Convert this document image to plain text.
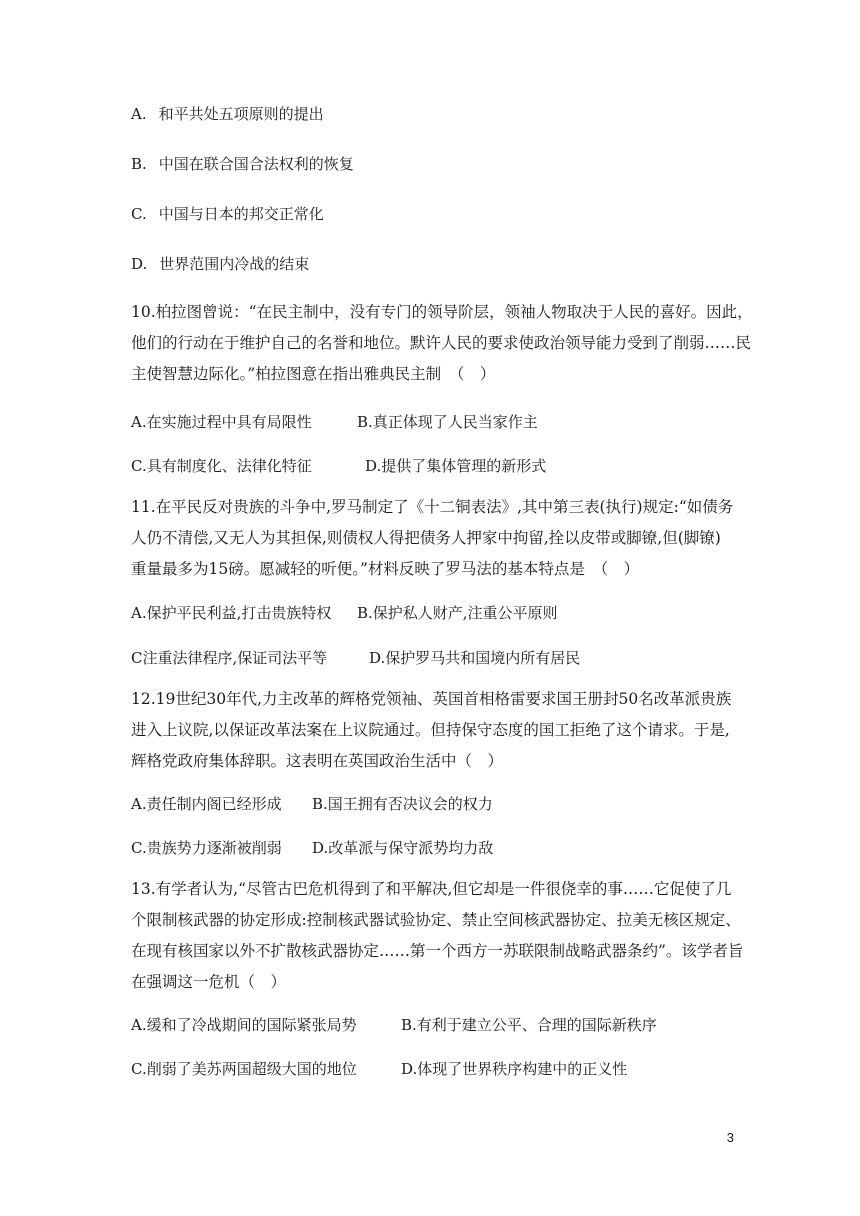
A. 和平共处五项原则的提出
B. 中国在联合国合法权利的恢复
C. 中国与日本的邦交正常化
D. 世界范围内冷战的结束
10.柏拉图曾说：“在民主制中，没有专门的领导阶层，领袖人物取决于人民的喜好。因此，
他们的行动在于维护自己的名誉和地位。默许人民的要求使政治领导能力受到了削弱……民
主使智慧边际化。”柏拉图意在指出雅典民主制　（　）
A.在实施过程中具有局限性	B.真正体现了人民当家作主
C.具有制度化、法律化特征	D.提供了集体管理的新形式
11.在平民反对贵族的斗争中,罗马制定了《十二铜表法》,其中第三表(执行)规定:“如债务
人仍不清偿,又无人为其担保,则债权人得把债务人押家中拘留,拴以皮带或脚镣,但(脚镣)
重量最多为15磅。愿减轻的听便。”材料反映了罗马法的基本特点是　（　）
A.保护平民利益,打击贵族特权 B.保护私人财产,注重公平原则
C注重法律程序,保证司法平等	D.保护罗马共和国境内所有居民
12.19世纪30年代,力主改革的辉格党领袖、英国首相格雷要求国王册封50名改革派贵族
进入上议院,以保证改革法案在上议院通过。但持保守态度的国工拒绝了这个请求。于是,
辉格党政府集体辞职。这表明在英国政治生活中（　）
A.责任制内阁已经形成 B.国王拥有否决议会的权力
C.贵族势力逐渐被削弱 D.改革派与保守派势均力敌
13.有学者认为,“尽管古巴危机得到了和平解决,但它却是一件很侥幸的事……它促使了几
个限制核武器的协定形成:控制核武器试验协定、禁止空间核武器协定、拉美无核区规定、
在现有核国家以外不扩散核武器协定……第一个西方一苏联限制战略武器条约”。该学者旨
在强调这一危机（　）
A.缓和了冷战期间的国际紧张局势	B.有利于建立公平、合理的国际新秩序
C.削弱了美苏两国超级大国的地位	D.体现了世界秩序构建中的正义性
3
